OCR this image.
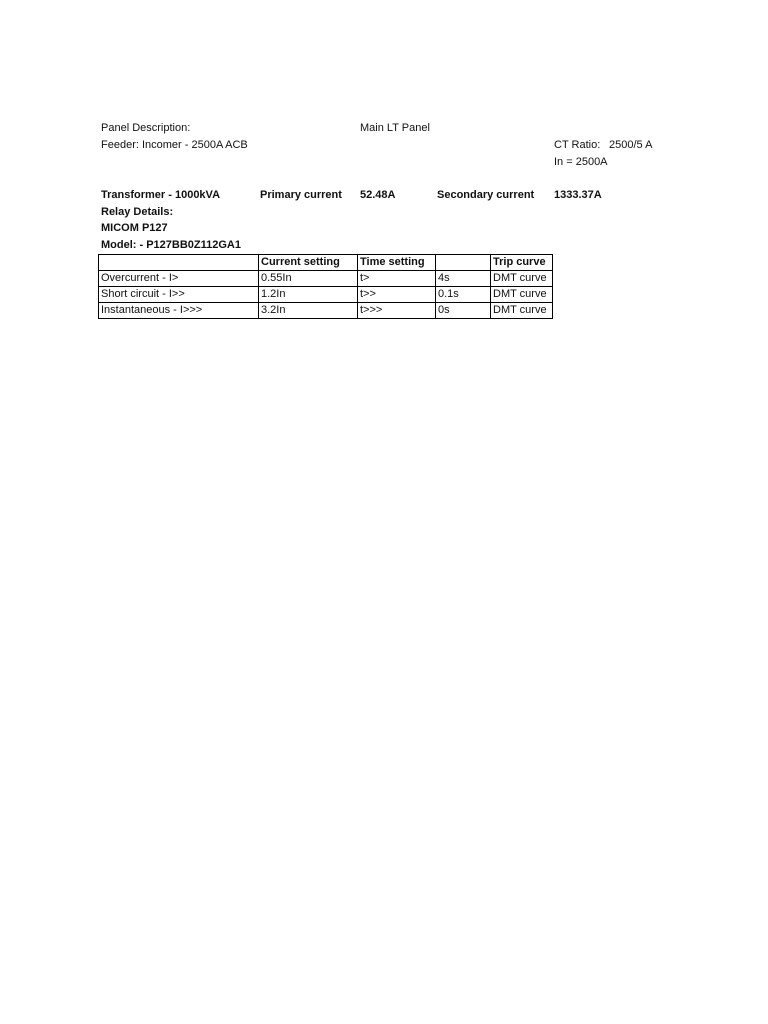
Panel Description:	Main LT Panel
Feeder: Incomer - 2500A ACB	CT Ratio: 2500/5 A
In = 2500A
Transformer - 1000kVA	Primary current 52.48A	Secondary current 1333.37A
Relay Details:
MICOM P127
Model: - P127BB0Z112GA1
	Current setting	Time setting		Trip curve
Overcurrent - I>	0.55In	t>	4s	DMT curve
Short circuit - I>>	1.2In	t>>	0.1s	DMT curve
Instantaneous - I>>>	3.2In	t>>>	0s	DMT curve
